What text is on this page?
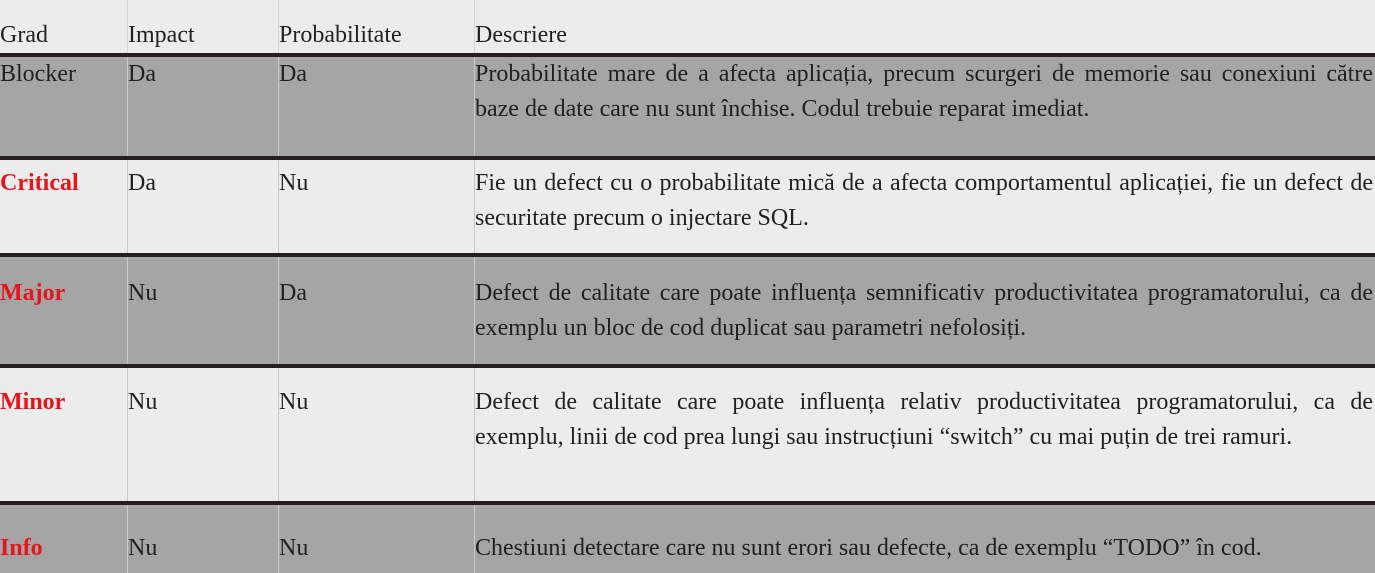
Grad	Impact	Probabilitate	Descriere
Blocker	Da	Da	Probabilitate mare de a afecta aplicația, precum scurgeri de memorie sau conexiuni către baze de date care nu sunt închise. Codul trebuie reparat imediat.
Critical	Da	Nu	Fie un defect cu o probabilitate mică de a afecta comportamentul aplicației, fie un defect de securitate precum o injectare SQL.
Major	Nu	Da	Defect de calitate care poate influența semnificativ productivitatea programatorului, ca de exemplu un bloc de cod duplicat sau parametri nefolosiți.
Minor	Nu	Nu	Defect de calitate care poate influența relativ productivitatea programatorului, ca de exemplu, linii de cod prea lungi sau instrucțiuni “switch” cu mai puțin de trei ramuri.
Info	Nu	Nu	Chestiuni detectare care nu sunt erori sau defecte, ca de exemplu “TODO” în cod.
